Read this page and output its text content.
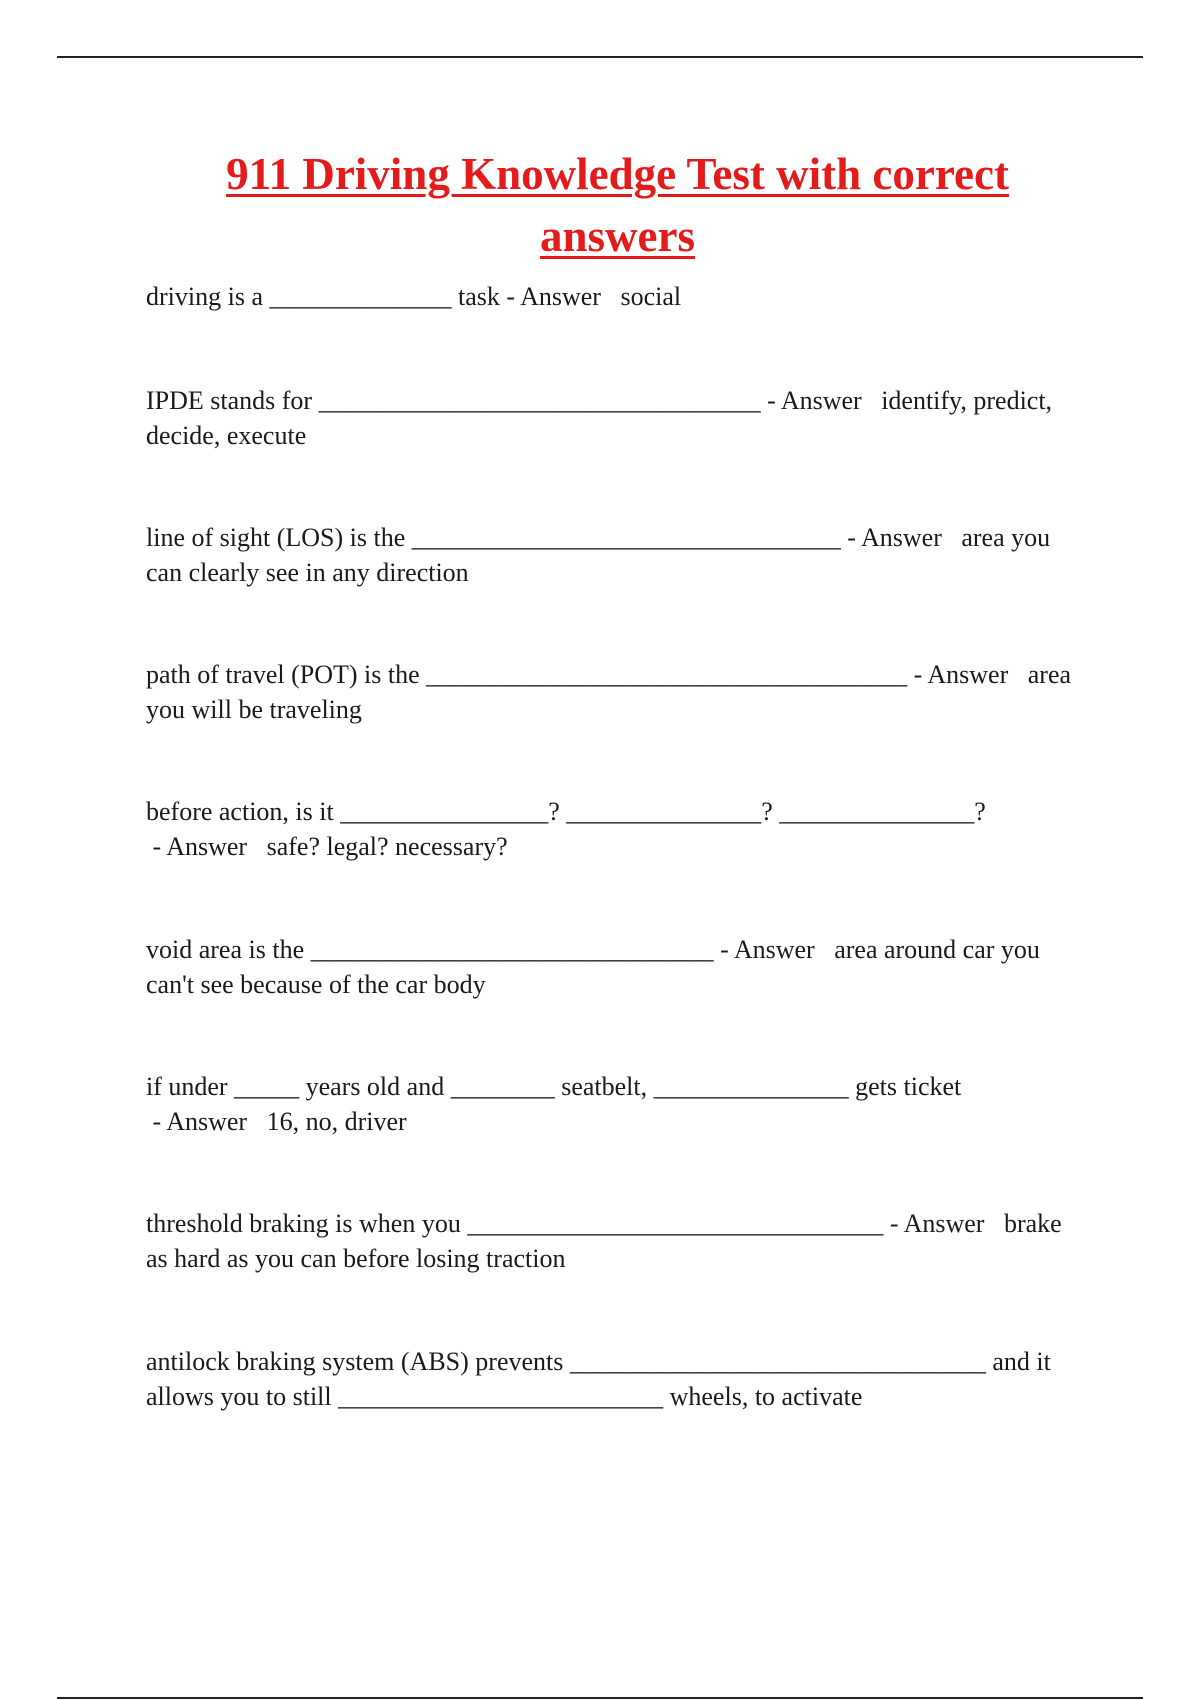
911 Driving Knowledge Test with correct answers

driving is a ______________ task - Answer   social

IPDE stands for __________________________________ - Answer   identify, predict, decide, execute

line of sight (LOS) is the _________________________________ - Answer   area you can clearly see in any direction

path of travel (POT) is the _____________________________________ - Answer   area you will be traveling

before action, is it ________________? _______________? _______________? - Answer   safe? legal? necessary?

void area is the _______________________________ - Answer   area around car you can't see because of the car body

if under _____ years old and ________ seatbelt, _______________ gets ticket - Answer   16, no, driver

threshold braking is when you ________________________________ - Answer   brake as hard as you can before losing traction

antilock braking system (ABS) prevents ________________________________ and it allows you to still _________________________ wheels, to activate
